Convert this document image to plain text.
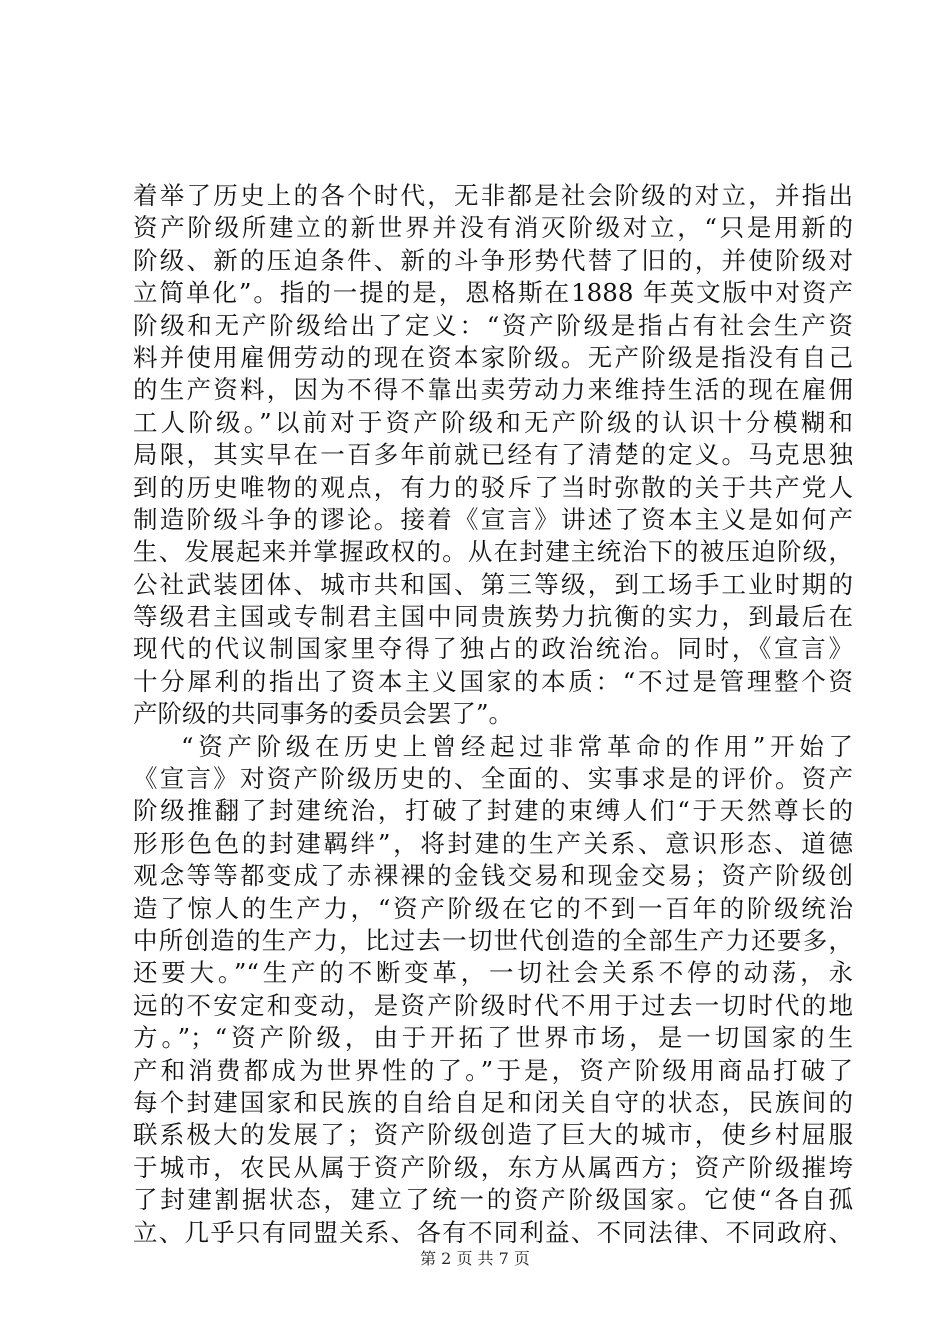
着举了历史上的各个时代，无非都是社会阶级的对立，并指出
资产阶级所建立的新世界并没有消灭阶级对立，“只是用新的
阶级、新的压迫条件、新的斗争形势代替了旧的，并使阶级对
立简单化”。指的一提的是，恩格斯在1888 年英文版中对资产
阶级和无产阶级给出了定义：“资产阶级是指占有社会生产资
料并使用雇佣劳动的现在资本家阶级。无产阶级是指没有自己
的生产资料，因为不得不靠出卖劳动力来维持生活的现在雇佣
工人阶级。”以前对于资产阶级和无产阶级的认识十分模糊和
局限，其实早在一百多年前就已经有了清楚的定义。马克思独
到的历史唯物的观点，有力的驳斥了当时弥散的关于共产党人
制造阶级斗争的谬论。接着《宣言》讲述了资本主义是如何产
生、发展起来并掌握政权的。从在封建主统治下的被压迫阶级，
公社武装团体、城市共和国、第三等级，到工场手工业时期的
等级君主国或专制君主国中同贵族势力抗衡的实力，到最后在
现代的代议制国家里夺得了独占的政治统治。同时，《宣言》
十分犀利的指出了资本主义国家的本质：“不过是管理整个资
产阶级的共同事务的委员会罢了”。
“资产阶级在历史上曾经起过非常革命的作用”开始了
《宣言》对资产阶级历史的、全面的、实事求是的评价。资产
阶级推翻了封建统治，打破了封建的束缚人们“于天然尊长的
形形色色的封建羁绊”，将封建的生产关系、意识形态、道德
观念等等都变成了赤裸裸的金钱交易和现金交易；资产阶级创
造了惊人的生产力，“资产阶级在它的不到一百年的阶级统治
中所创造的生产力，比过去一切世代创造的全部生产力还要多，
还要大。”“生产的不断变革，一切社会关系不停的动荡，永
远的不安定和变动，是资产阶级时代不用于过去一切时代的地
方。”；“资产阶级，由于开拓了世界市场，是一切国家的生
产和消费都成为世界性的了。”于是，资产阶级用商品打破了
每个封建国家和民族的自给自足和闭关自守的状态，民族间的
联系极大的发展了；资产阶级创造了巨大的城市，使乡村屈服
于城市，农民从属于资产阶级，东方从属西方；资产阶级摧垮
了封建割据状态，建立了统一的资产阶级国家。它使“各自孤
立、几乎只有同盟关系、各有不同利益、不同法律、不同政府、
第 2 页 共 7 页
